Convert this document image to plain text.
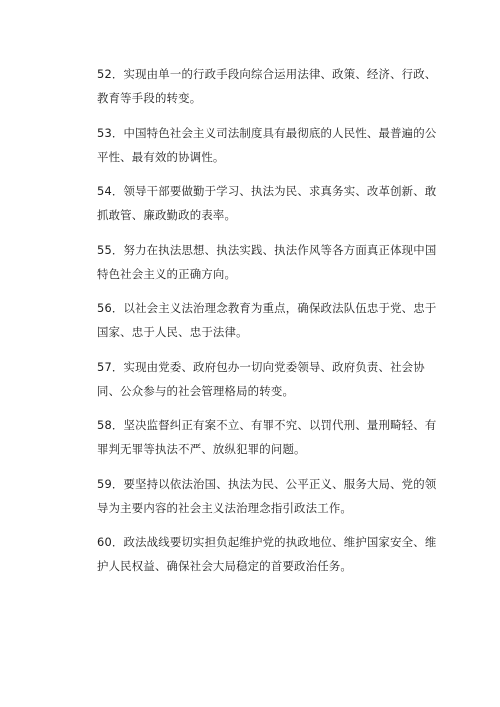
52．实现由单一的行政手段向综合运用法律、政策、经济、行政、教育等手段的转变。

53．中国特色社会主义司法制度具有最彻底的人民性、最普遍的公平性、最有效的协调性。

54．领导干部要做勤于学习、执法为民、求真务实、改革创新、敢抓敢管、廉政勤政的表率。

55．努力在执法思想、执法实践、执法作风等各方面真正体现中国特色社会主义的正确方向。

56．以社会主义法治理念教育为重点，确保政法队伍忠于党、忠于国家、忠于人民、忠于法律。

57．实现由党委、政府包办一切向党委领导、政府负责、社会协同、公众参与的社会管理格局的转变。

58．坚决监督纠正有案不立、有罪不究、以罚代刑、量刑畸轻、有罪判无罪等执法不严、放纵犯罪的问题。

59．要坚持以依法治国、执法为民、公平正义、服务大局、党的领导为主要内容的社会主义法治理念指引政法工作。

60．政法战线要切实担负起维护党的执政地位、维护国家安全、维护人民权益、确保社会大局稳定的首要政治任务。
